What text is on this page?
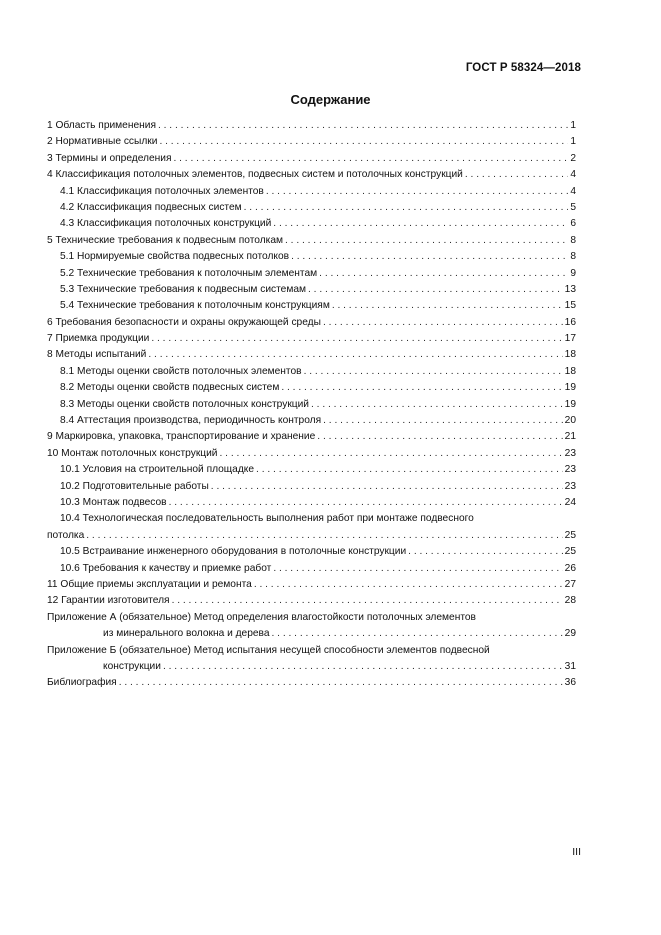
ГОСТ Р 58324—2018
Содержание
1 Область применения . . .	1
2 Нормативные ссылки . . .	1
3 Термины и определения . . .	2
4 Классификация потолочных элементов, подвесных систем и потолочных конструкций . . .	4
4.1 Классификация потолочных элементов . . .	4
4.2 Классификация подвесных систем . . .	5
4.3 Классификация потолочных конструкций . . .	6
5 Технические требования к подвесным потолкам . . .	8
5.1 Нормируемые свойства подвесных потолков . . .	8
5.2 Технические требования к потолочным элементам . . .	9
5.3 Технические требования к подвесным системам . . .	13
5.4 Технические требования к потолочным конструкциям . . .	15
6 Требования безопасности и охраны окружающей среды . . .	16
7 Приемка продукции . . .	17
8 Методы испытаний . . .	18
8.1 Методы оценки свойств потолочных элементов . . .	18
8.2 Методы оценки свойств подвесных систем . . .	19
8.3 Методы оценки свойств потолочных конструкций . . .	19
8.4 Аттестация производства, периодичность контроля . . .	20
9 Маркировка, упаковка, транспортирование и хранение . . .	21
10 Монтаж потолочных конструкций . . .	23
10.1 Условия на строительной площадке . . .	23
10.2 Подготовительные работы . . .	23
10.3 Монтаж подвесов . . .	24
10.4 Технологическая последовательность выполнения работ при монтаже подвесного
потолка . . .	25
10.5 Встраивание инженерного оборудования в потолочные конструкции . . .	25
10.6 Требования к качеству и приемке работ . . .	26
11 Общие приемы эксплуатации и ремонта . . .	27
12 Гарантии изготовителя . . .	28
Приложение А (обязательное) Метод определения влагостойкости потолочных элементов
из минерального волокна и дерева . . .	29
Приложение Б (обязательное) Метод испытания несущей способности элементов подвесной
конструкции . . .	31
Библиография . . .	36
III
